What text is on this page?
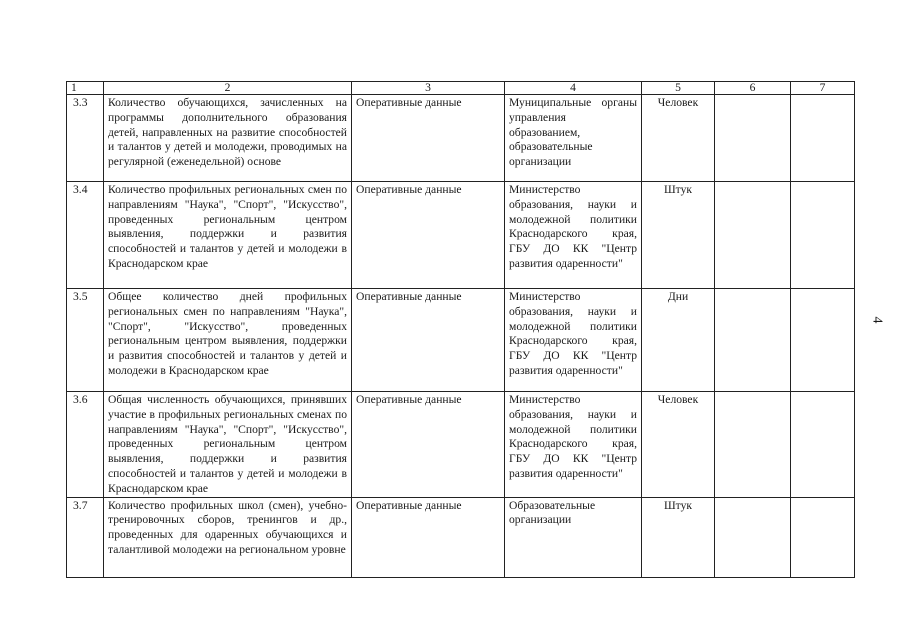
1	2	3	4	5	6	7
3.3	Количество обучающихся, зачисленных на программы дополнительного образования детей, направленных на развитие способностей и талантов у детей и молодежи, проводимых на регулярной (еженедельной) основе	Оперативные данные	Муниципальные органы управления образованием, образовательные организации	Человек		
3.4	Количество профильных региональных смен по направлениям "Наука", "Спорт", "Искусство", проведенных региональным центром выявления, поддержки и развития способностей и талантов у детей и молодежи в Краснодарском крае	Оперативные данные	Министерство образования, науки и молодежной политики Краснодарского края, ГБУ ДО КК "Центр развития одаренности"	Штук		
3.5	Общее количество дней профильных региональных смен по направлениям "Наука", "Спорт", "Искусство", проведенных региональным центром выявления, поддержки и развития способностей и талантов у детей и молодежи в Краснодарском крае	Оперативные данные	Министерство образования, науки и молодежной политики Краснодарского края, ГБУ ДО КК "Центр развития одаренности"	Дни		
3.6	Общая численность обучающихся, принявших участие в профильных региональных сменах по направлениям "Наука", "Спорт", "Искусство", проведенных региональным центром выявления, поддержки и развития способностей и талантов у детей и молодежи в Краснодарском крае	Оперативные данные	Министерство образования, науки и молодежной политики Краснодарского края, ГБУ ДО КК "Центр развития одаренности"	Человек		
3.7	Количество профильных школ (смен), учебно-тренировочных сборов, тренингов и др., проведенных для одаренных обучающихся и талантливой молодежи на региональном уровне	Оперативные данные	Образовательные организации	Штук		
4
